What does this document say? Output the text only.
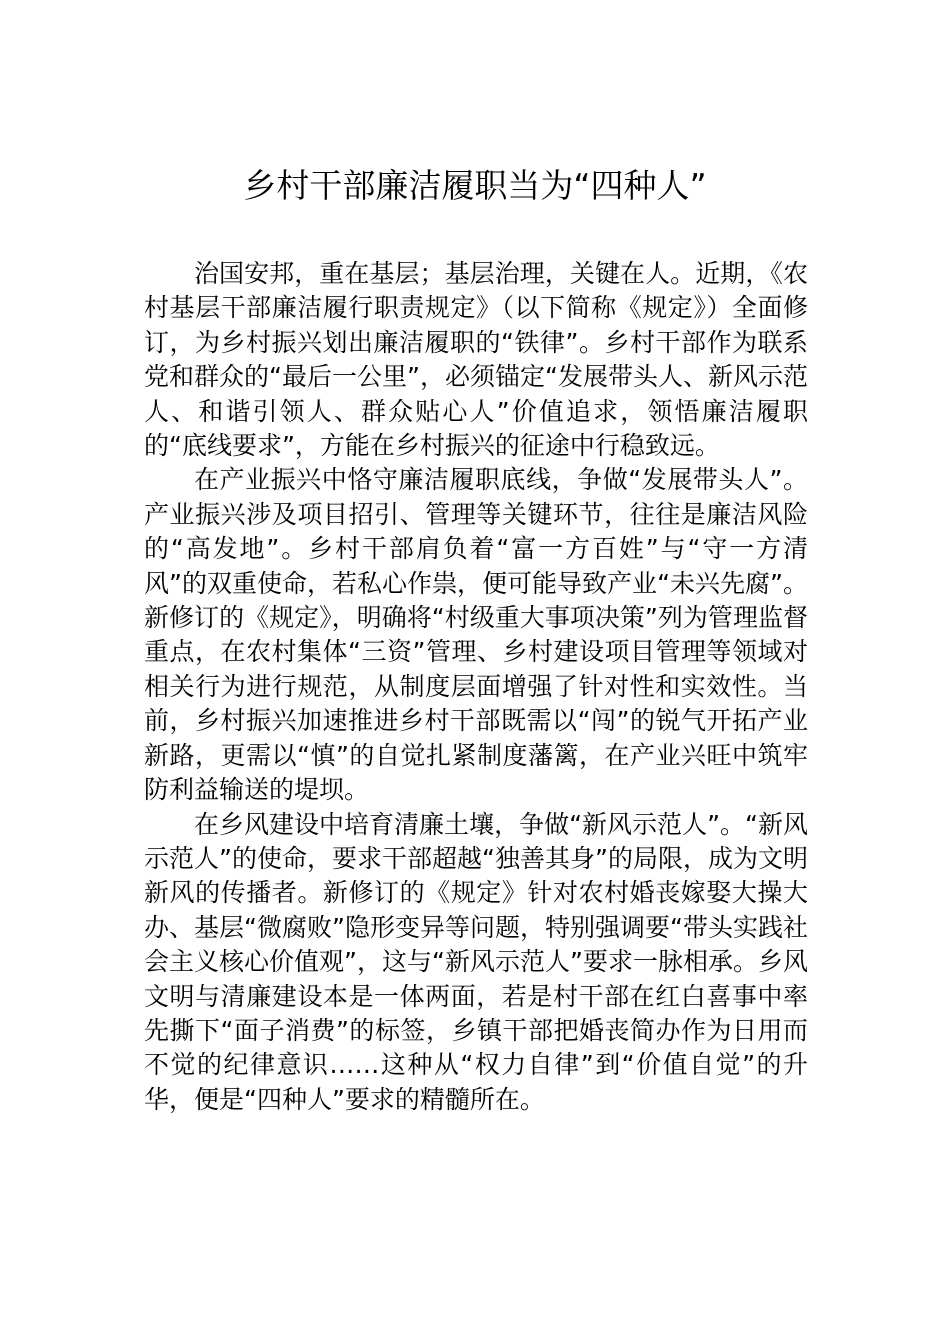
乡村干部廉洁履职当为“四种人”

治国安邦，重在基层；基层治理，关键在人。近期，《农村基层干部廉洁履行职责规定》（以下简称《规定》）全面修订，为乡村振兴划出廉洁履职的“铁律”。乡村干部作为联系党和群众的“最后一公里”，必须锚定“发展带头人、新风示范人、和谐引领人、群众贴心人”价值追求，领悟廉洁履职的“底线要求”，方能在乡村振兴的征途中行稳致远。

在产业振兴中恪守廉洁履职底线，争做“发展带头人”。产业振兴涉及项目招引、管理等关键环节，往往是廉洁风险的“高发地”。乡村干部肩负着“富一方百姓”与“守一方清风”的双重使命，若私心作祟，便可能导致产业“未兴先腐”。新修订的《规定》，明确将“村级重大事项决策”列为管理监督重点，在农村集体“三资”管理、乡村建设项目管理等领域对相关行为进行规范，从制度层面增强了针对性和实效性。当前，乡村振兴加速推进乡村干部既需以“闯”的锐气开拓产业新路，更需以“慎”的自觉扎紧制度藩篱，在产业兴旺中筑牢防利益输送的堤坝。

在乡风建设中培育清廉土壤，争做“新风示范人”。“新风示范人”的使命，要求干部超越“独善其身”的局限，成为文明新风的传播者。新修订的《规定》针对农村婚丧嫁娶大操大办、基层“微腐败”隐形变异等问题，特别强调要“带头实践社会主义核心价值观”，这与“新风示范人”要求一脉相承。乡风文明与清廉建设本是一体两面，若是村干部在红白喜事中率先撕下“面子消费”的标签，乡镇干部把婚丧简办作为日用而不觉的纪律意识……这种从“权力自律”到“价值自觉”的升华，便是“四种人”要求的精髓所在。
